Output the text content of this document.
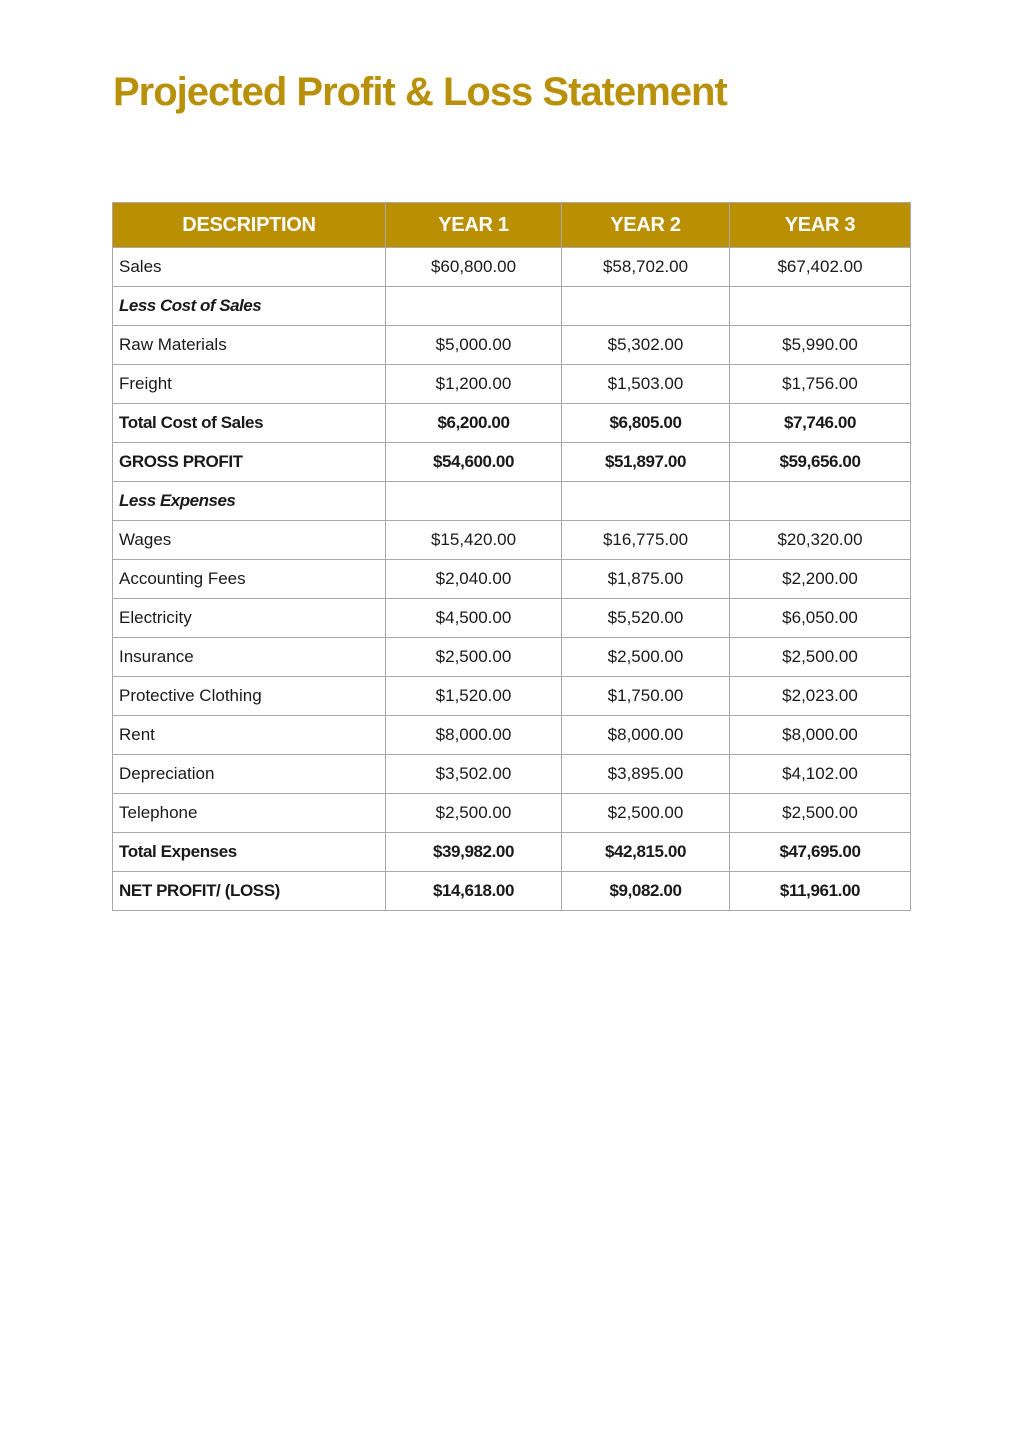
Projected Profit & Loss Statement
DESCRIPTION	YEAR 1	YEAR 2	YEAR 3
Sales	$60,800.00	$58,702.00	$67,402.00
Less Cost of Sales			
Raw Materials	$5,000.00	$5,302.00	$5,990.00
Freight	$1,200.00	$1,503.00	$1,756.00
Total Cost of Sales	$6,200.00	$6,805.00	$7,746.00
GROSS PROFIT	$54,600.00	$51,897.00	$59,656.00
Less Expenses			
Wages	$15,420.00	$16,775.00	$20,320.00
Accounting Fees	$2,040.00	$1,875.00	$2,200.00
Electricity	$4,500.00	$5,520.00	$6,050.00
Insurance	$2,500.00	$2,500.00	$2,500.00
Protective Clothing	$1,520.00	$1,750.00	$2,023.00
Rent	$8,000.00	$8,000.00	$8,000.00
Depreciation	$3,502.00	$3,895.00	$4,102.00
Telephone	$2,500.00	$2,500.00	$2,500.00
Total Expenses	$39,982.00	$42,815.00	$47,695.00
NET PROFIT/ (LOSS)	$14,618.00	$9,082.00	$11,961.00
